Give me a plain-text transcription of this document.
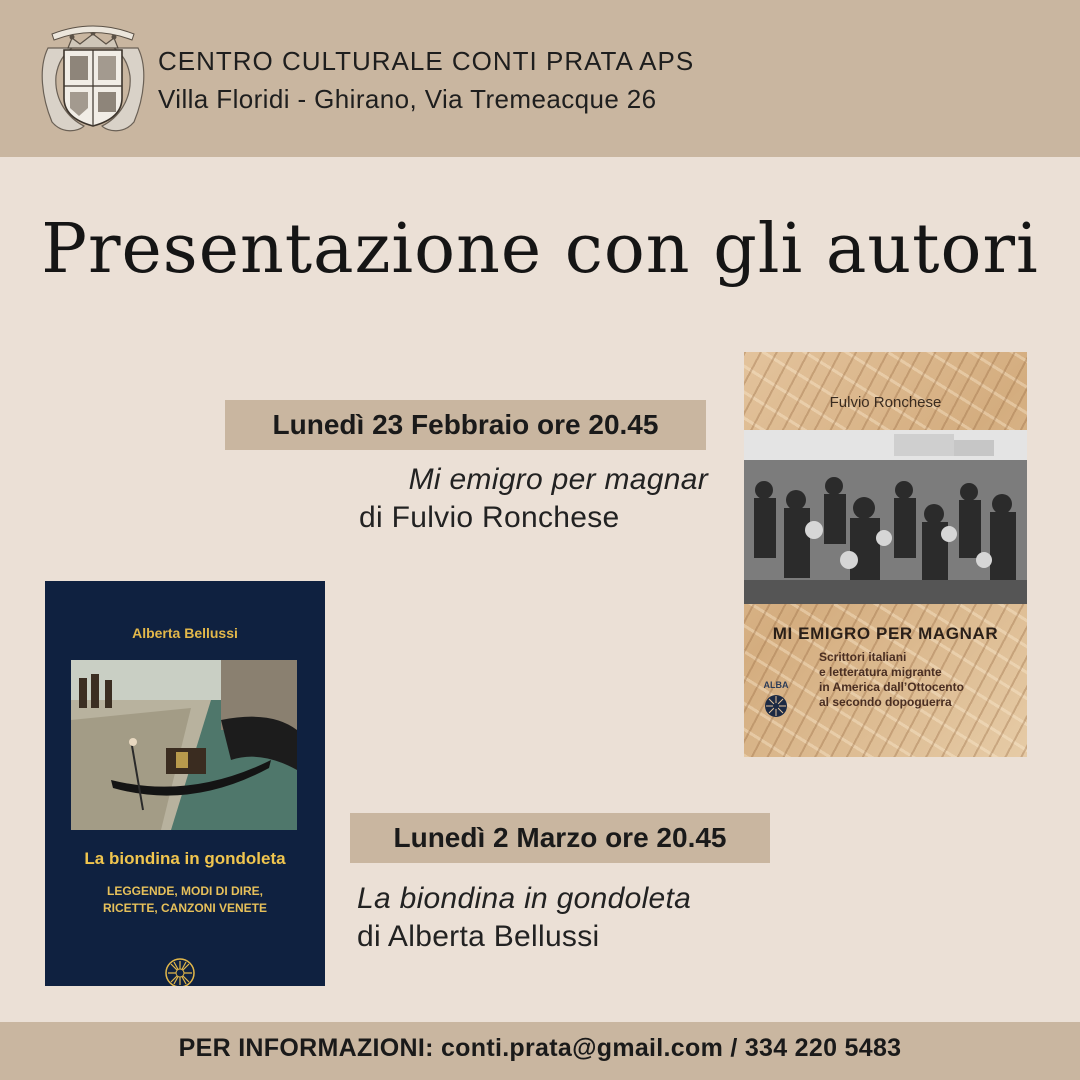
CENTRO CULTURALE CONTI PRATA APS
Villa Floridi - Ghirano, Via Tremeacque 26
Presentazione con gli autori
Lunedì 23 Febbraio ore 20.45
Mi emigro per magnar
di Fulvio Ronchese
Fulvio Ronchese
MI EMIGRO PER MAGNAR
Scrittori italiani
e letteratura migrante
in America dall’Ottocento
al secondo dopoguerra
ALBA
Alberta Bellussi
La biondina in gondoleta
LEGGENDE, MODI DI DIRE,
RICETTE, CANZONI VENETE
Lunedì 2 Marzo ore 20.45
La biondina in gondoleta
di Alberta Bellussi
PER INFORMAZIONI: conti.prata@gmail.com / 334 220 5483
